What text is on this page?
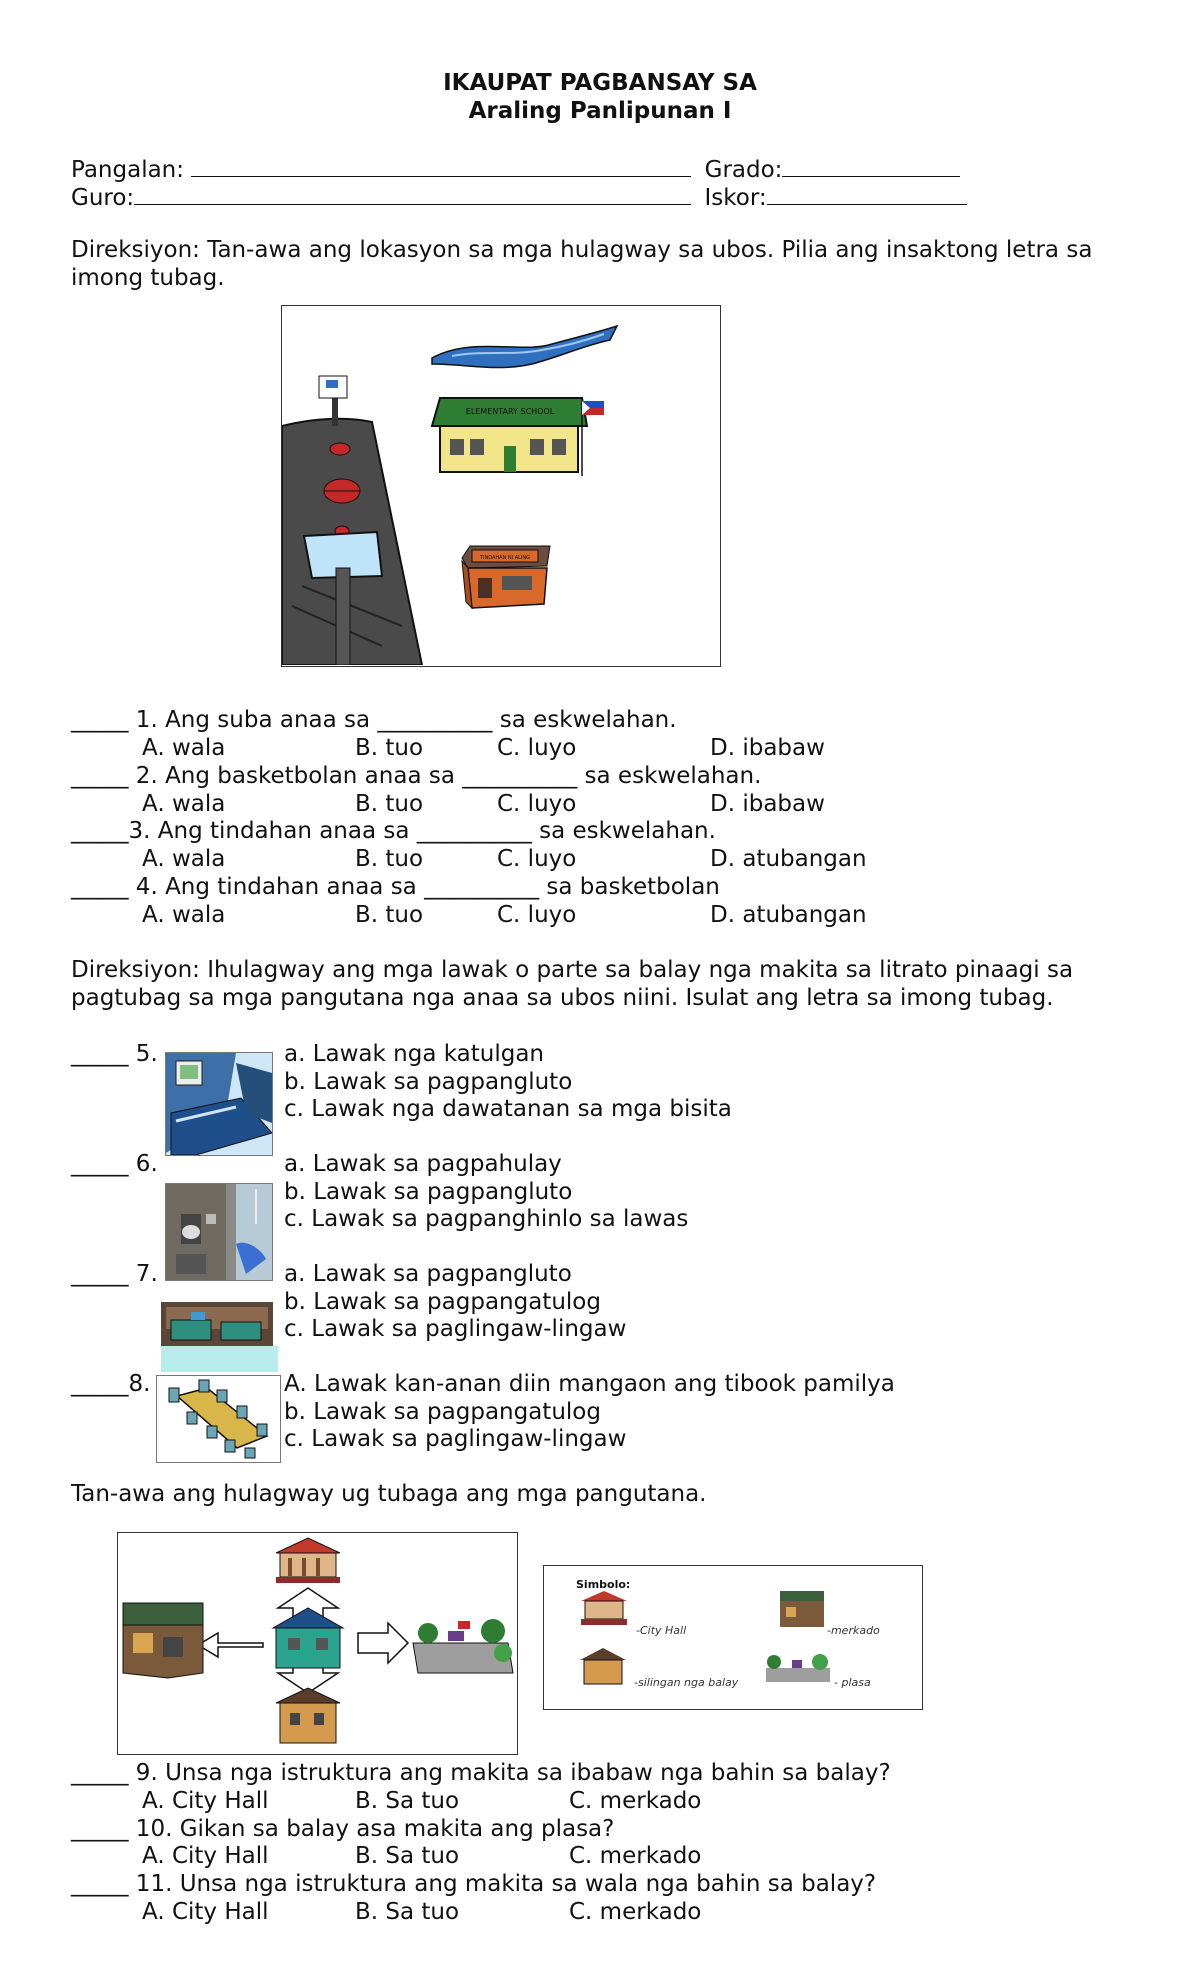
IKAUPAT PAGBANSAY SA
Araling Panlipunan I
Pangalan:	Grado:
Guro:	Iskor:
Direksiyon: Tan-awa ang lokasyon sa mga hulagway sa ubos. Pilia ang insaktong letra sa
imong tubag.
ELEMENTARY SCHOOL
TINDAHAN NI ALING
_____ 1. Ang suba anaa sa __________ sa eskwelahan.
A. wala	B. tuo	C. luyo	D. ibabaw
_____ 2. Ang basketbolan anaa sa __________ sa eskwelahan.
A. wala	B. tuo	C. luyo	D. ibabaw
_____3. Ang tindahan anaa sa __________ sa eskwelahan.
A. wala	B. tuo	C. luyo	D. atubangan
_____ 4. Ang tindahan anaa sa __________ sa basketbolan
A. wala	B. tuo	C. luyo	D. atubangan
Direksiyon: Ihulagway ang mga lawak o parte sa balay nga makita sa litrato pinaagi sa
pagtubag sa mga pangutana nga anaa sa ubos niini. Isulat ang letra sa imong tubag.
_____ 5.	a. Lawak nga katulgan
b. Lawak sa pagpangluto
c. Lawak nga dawatanan sa mga bisita
_____ 6.	a. Lawak sa pagpahulay
b. Lawak sa pagpangluto
c. Lawak sa pagpanghinlo sa lawas
_____ 7.	a. Lawak sa pagpangluto
b. Lawak sa pagpangatulog
c. Lawak sa paglingaw-lingaw
_____8.	A. Lawak kan-anan diin mangaon ang tibook pamilya
b. Lawak sa pagpangatulog
c. Lawak sa paglingaw-lingaw
Tan-awa ang hulagway ug tubaga ang mga pangutana.
Simbolo:
-City Hall	-merkado
-silingan nga balay	- plasa
_____ 9. Unsa nga istruktura ang makita sa ibabaw nga bahin sa balay?
A. City Hall	B. Sa tuo	C. merkado
_____ 10. Gikan sa balay asa makita ang plasa?
A. City Hall	B. Sa tuo	C. merkado
_____ 11. Unsa nga istruktura ang makita sa wala nga bahin sa balay?
A. City Hall	B. Sa tuo	C. merkado
